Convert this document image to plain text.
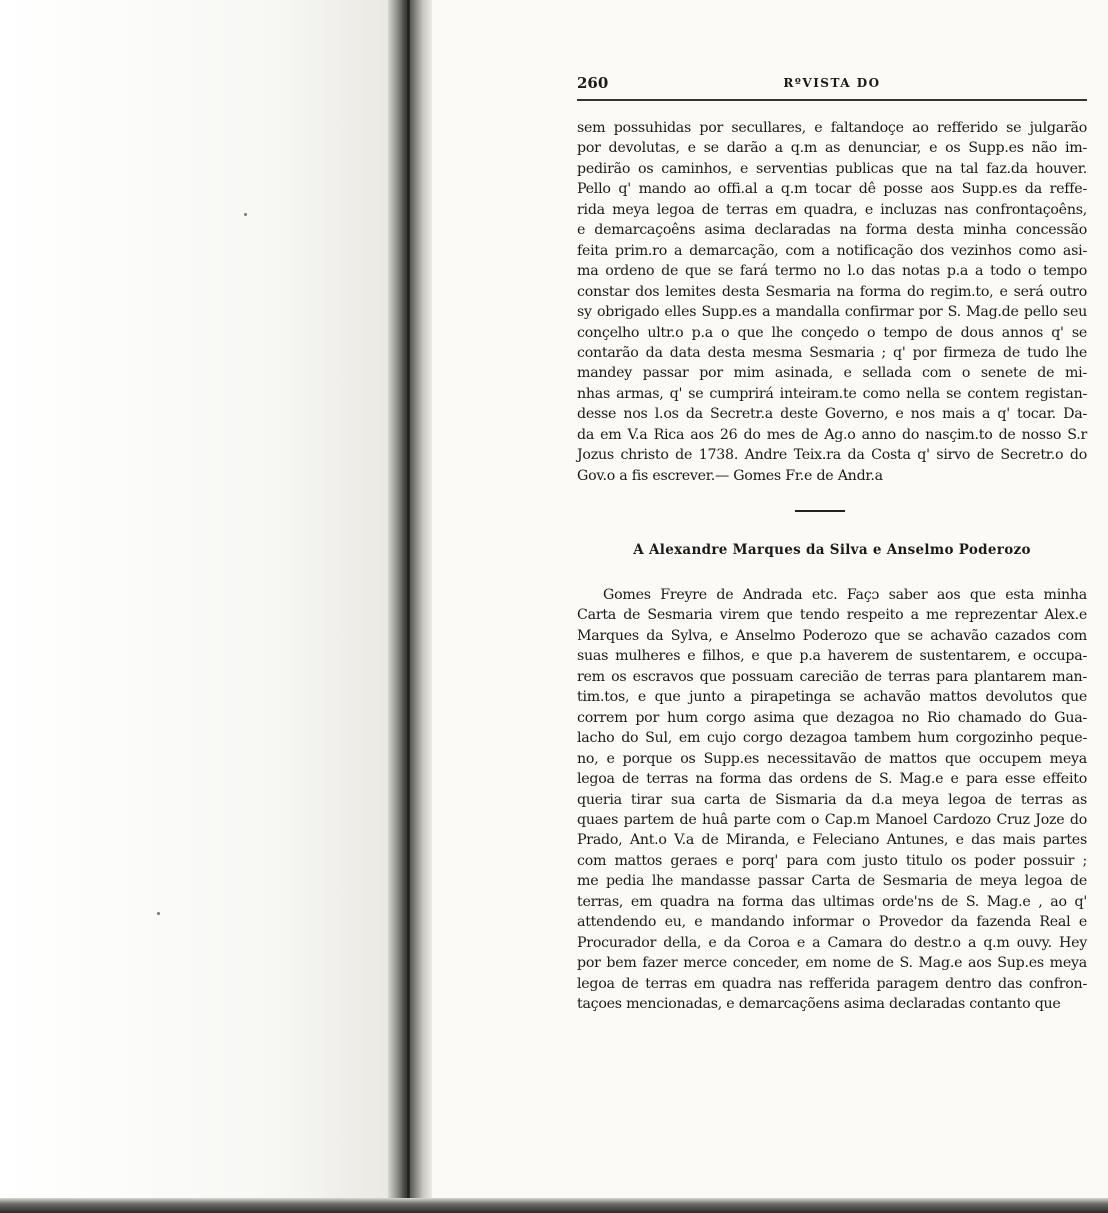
260	RºVISTA DO
sem possuhidas por secullares, e faltandoçe ao refferido se julgarão
por devolutas, e se darão a q.m as denunciar, e os Supp.es não im-
pedirão os caminhos, e serventias publicas que na tal faz.da houver.
Pello q' mando ao offi.al a q.m tocar dê posse aos Supp.es da reffe-
rida meya legoa de terras em quadra, e incluzas nas confrontaçoêns,
e demarcaçoêns asima declaradas na forma desta minha concessão
feita prim.ro a demarcação, com a notificação dos vezinhos como asi-
ma ordeno de que se fará termo no l.o das notas p.a a todo o tempo
constar dos lemites desta Sesmaria na forma do regim.to, e será outro
sy obrigado elles Supp.es a mandalla confirmar por S. Mag.de pello seu
conçelho ultr.o p.a o que lhe conçedo o tempo de dous annos q' se
contarão da data desta mesma Sesmaria ; q' por firmeza de tudo lhe
mandey passar por mim asinada, e sellada com o senete de mi-
nhas armas, q' se cumprirá inteiram.te como nella se contem registan-
desse nos l.os da Secretr.a deste Governo, e nos mais a q' tocar. Da-
da em V.a Rica aos 26 do mes de Ag.o anno do nasçim.to de nosso S.r
Jozus christo de 1738. Andre Teix.ra da Costa q' sirvo de Secretr.o do
Gov.o a fis escrever.— Gomes Fr.e de Andr.a
A Alexandre Marques da Silva e Anselmo Poderozo
Gomes Freyre de Andrada etc. Façɔ saber aos que esta minha
Carta de Sesmaria virem que tendo respeito a me reprezentar Alex.e
Marques da Sylva, e Anselmo Poderozo que se achavão cazados com
suas mulheres e filhos, e que p.a haverem de sustentarem, e occupa-
rem os escravos que possuam carecião de terras para plantarem man-
tim.tos, e que junto a pirapetinga se achavão mattos devolutos que
correm por hum corgo asima que dezagoa no Rio chamado do Gua-
lacho do Sul, em cujo corgo dezagoa tambem hum corgozinho peque-
no, e porque os Supp.es necessitavão de mattos que occupem meya
legoa de terras na forma das ordens de S. Mag.e e para esse effeito
queria tirar sua carta de Sismaria da d.a meya legoa de terras as
quaes partem de huâ parte com o Cap.m Manoel Cardozo Cruz Joze do
Prado, Ant.o V.a de Miranda, e Feleciano Antunes, e das mais partes
com mattos geraes e porq' para com justo titulo os poder possuir ;
me pedia lhe mandasse passar Carta de Sesmaria de meya legoa de
terras, em quadra na forma das ultimas orde'ns de S. Mag.e , ao q'
attendendo eu, e mandando informar o Provedor da fazenda Real e
Procurador della, e da Coroa e a Camara do destr.o a q.m ouvy. Hey
por bem fazer merce conceder, em nome de S. Mag.e aos Sup.es meya
legoa de terras em quadra nas refferida paragem dentro das confron-
taçoes mencionadas, e demarcaçõens asima declaradas contanto que
